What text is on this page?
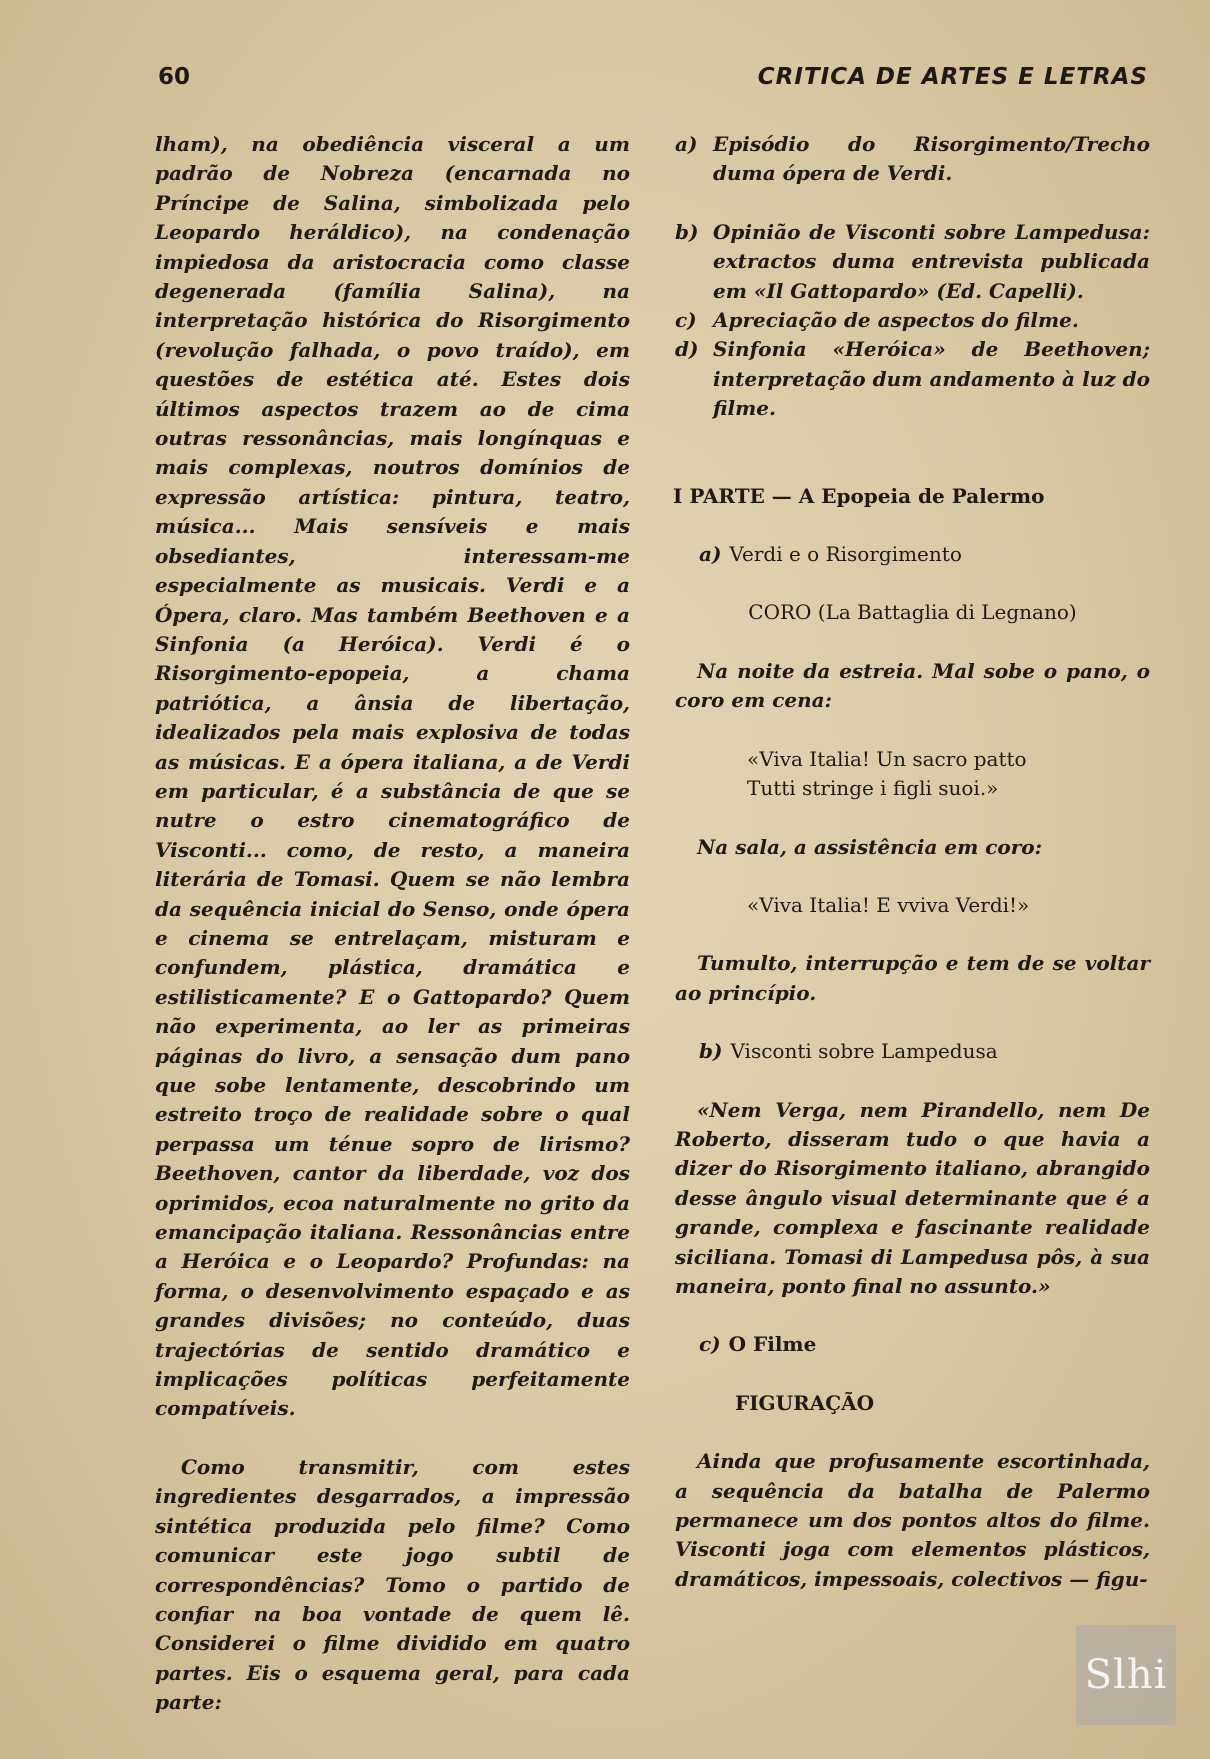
60	CRITICA DE ARTES E LETRAS

lham), na obediência visceral a um padrão de Nobreza (encarnada no Príncipe de Salina, simbolizada pelo Leopardo heráldico), na condenação impiedosa da aristocracia como classe degenerada (família Salina), na interpretação histórica do Risorgimento (revolução falhada, o povo traído), em questões de estética até. Estes dois últimos aspectos trazem ao de cima outras ressonâncias, mais longínquas e mais complexas, noutros domínios de expressão artística: pintura, teatro, música... Mais sensíveis e mais obsediantes, interessam-me especialmente as musicais. Verdi e a Ópera, claro. Mas também Beethoven e a Sinfonia (a Heróica). Verdi é o Risorgimento-epopeia, a chama patriótica, a ânsia de libertação, idealizados pela mais explosiva de todas as músicas. E a ópera italiana, a de Verdi em particular, é a substância de que se nutre o estro cinematográfico de Visconti... como, de resto, a maneira literária de Tomasi. Quem se não lembra da sequência inicial do Senso, onde ópera e cinema se entrelaçam, misturam e confundem, plástica, dramática e estilisticamente? E o Gattopardo? Quem não experimenta, ao ler as primeiras páginas do livro, a sensação dum pano que sobe lentamente, descobrindo um estreito troço de realidade sobre o qual perpassa um ténue sopro de lirismo? Beethoven, cantor da liberdade, voz dos oprimidos, ecoa naturalmente no grito da emancipação italiana. Ressonâncias entre a Heróica e o Leopardo? Profundas: na forma, o desenvolvimento espaçado e as grandes divisões; no conteúdo, duas trajectórias de sentido dramático e implicações políticas perfeitamente compatíveis.

Como transmitir, com estes ingredientes desgarrados, a impressão sintética produzida pelo filme? Como comunicar este jogo subtil de correspondências? Tomo o partido de confiar na boa vontade de quem lê. Considerei o filme dividido em quatro partes. Eis o esquema geral, para cada parte:

a) Episódio do Risorgimento/Trecho duma ópera de Verdi.
b) Opinião de Visconti sobre Lampedusa: extractos duma entrevista publicada em «Il Gattopardo» (Ed. Capelli).
c) Apreciação de aspectos do filme.
d) Sinfonia «Heróica» de Beethoven; interpretação dum andamento à luz do filme.
I PARTE — A Epopeia de Palermo
a) Verdi e o Risorgimento
CORO (La Battaglia di Legnano)
Na noite da estreia. Mal sobe o pano, o coro em cena:
«Viva Italia! Un sacro patto
Tutti stringe i figli suoi.»
Na sala, a assistência em coro:
«Viva Italia! E vviva Verdi!»
Tumulto, interrupção e tem de se voltar ao princípio.
b) Visconti sobre Lampedusa
«Nem Verga, nem Pirandello, nem De Roberto, disseram tudo o que havia a dizer do Risorgimento italiano, abrangido desse ângulo visual determinante que é a grande, complexa e fascinante realidade siciliana. Tomasi di Lampedusa pôs, à sua maneira, ponto final no assunto.»
c) O Filme
FIGURAÇÃO
Ainda que profusamente escortinhada, a sequência da batalha de Palermo permanece um dos pontos altos do filme. Visconti joga com elementos plásticos, dramáticos, impessoais, colectivos — figu-
Slhi
